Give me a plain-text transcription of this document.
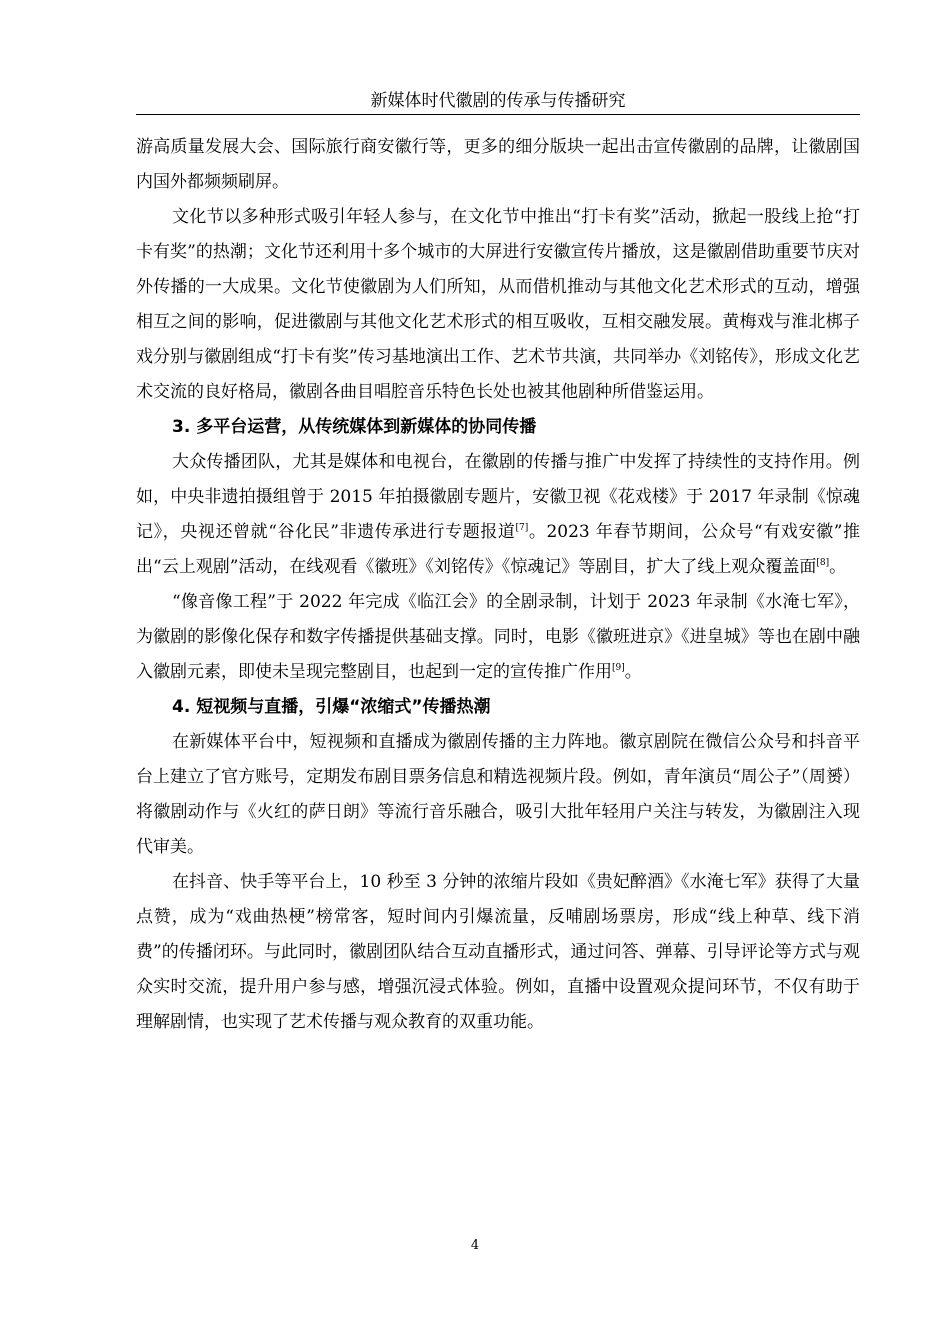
新媒体时代徽剧的传承与传播研究

游高质量发展大会、国际旅行商安徽行等，更多的细分版块一起出击宣传徽剧的品牌，让徽剧国内国外都频频刷屏。

文化节以多种形式吸引年轻人参与，在文化节中推出“打卡有奖”活动，掀起一股线上抢“打卡有奖”的热潮；文化节还利用十多个城市的大屏进行安徽宣传片播放，这是徽剧借助重要节庆对外传播的一大成果。文化节使徽剧为人们所知，从而借机推动与其他文化艺术形式的互动，增强相互之间的影响，促进徽剧与其他文化艺术形式的相互吸收，互相交融发展。黄梅戏与淮北梆子戏分别与徽剧组成“打卡有奖”传习基地演出工作、艺术节共演，共同举办《刘铭传》，形成文化艺术交流的良好格局，徽剧各曲目唱腔音乐特色长处也被其他剧种所借鉴运用。

3. 多平台运营，从传统媒体到新媒体的协同传播

大众传播团队，尤其是媒体和电视台，在徽剧的传播与推广中发挥了持续性的支持作用。例如，中央非遗拍摄组曾于 2015 年拍摄徽剧专题片，安徽卫视《花戏楼》于 2017 年录制《惊魂记》，央视还曾就“谷化民”非遗传承进行专题报道[7]。2023 年春节期间，公众号“有戏安徽”推出“云上观剧”活动，在线观看《徽班》《刘铭传》《惊魂记》等剧目，扩大了线上观众覆盖面[8]。

“像音像工程”于 2022 年完成《临江会》的全剧录制，计划于 2023 年录制《水淹七军》，为徽剧的影像化保存和数字传播提供基础支撑。同时，电影《徽班进京》《进皇城》等也在剧中融入徽剧元素，即使未呈现完整剧目，也起到一定的宣传推广作用[9]。

4. 短视频与直播，引爆“浓缩式”传播热潮

在新媒体平台中，短视频和直播成为徽剧传播的主力阵地。徽京剧院在微信公众号和抖音平台上建立了官方账号，定期发布剧目票务信息和精选视频片段。例如，青年演员“周公子”（周赟）将徽剧动作与《火红的萨日朗》等流行音乐融合，吸引大批年轻用户关注与转发，为徽剧注入现代审美。

在抖音、快手等平台上，10 秒至 3 分钟的浓缩片段如《贵妃醉酒》《水淹七军》获得了大量点赞，成为“戏曲热梗”榜常客，短时间内引爆流量，反哺剧场票房，形成“线上种草、线下消费”的传播闭环。与此同时，徽剧团队结合互动直播形式，通过问答、弹幕、引导评论等方式与观众实时交流，提升用户参与感，增强沉浸式体验。例如，直播中设置观众提问环节，不仅有助于理解剧情，也实现了艺术传播与观众教育的双重功能。

4
